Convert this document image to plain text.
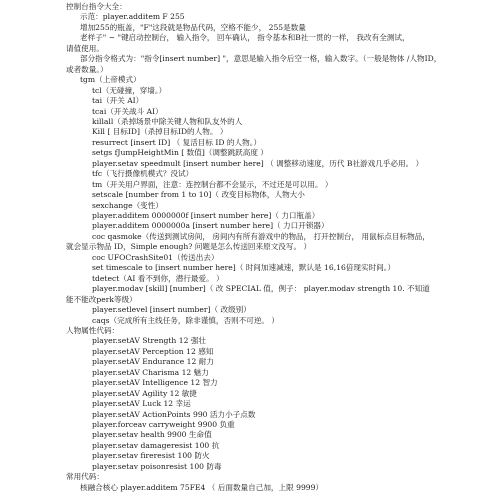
控制台指令大全：
示范：player.additem F 255
增加255的瓶盖，"F"这段就是物品代码，空格不能少， 255是数量
老样子" ~ "键启动控制台， 输入指令， 回车确认， 指令基本和B社一贯的一样， 我改有全测试，
请值使用。
部分指令格式为："指令[insert number] "，意思是输入指令后空一格，输入数字。（一般是物体 /人物ID，
或者数量。）
tgm（上帝模式）
tcl（无碰撞，穿墙。）
tai（开关 AI）
tcai（开关战斗 AI）
killall（杀掉场景中除关键人物和队友外的人
Kill [ 目标ID]（杀掉目标ID的人物。 ）
resurrect [insert ID] （ 复活目标 ID 的人物。）
setgs fJumpHeightMin [ 数值]（调整跳跃高度 ）
player.setav speedmult [insert number here] （ 调整移动速度，历代 B社游戏几乎必用。 ）
tfc（飞行摄像机模式？没试）
tm（开关用户界面，注意：连控制台都不会显示，不过还是可以用。 ）
setscale [number from 1 to 10]（ 改变目标物体，人物大小
sexchange（变性）
player.additem 0000000f [insert number here]（ 力口瓶盖）
player.additem 0000000a [insert number here]（ 力口开锁器）
coc qasmoke（传送到测试房间， 房间内有所有游戏中的物品， 打开控制台， 用鼠标点目标物品，
就会显示物品 ID，Simple enough? 问题是怎么传送回来原文没写。 ）
coc UFOCrashSite01（传送出去）
set timescale to [insert number here]（ 时间加速减速，默认是 16,16倍现实时间。）
tdetect（AI 看不到你，潜行最爱。 ）
player.modav [skill] [number]（ 改 SPECIAL 值，例子： player.modav strength 10. 不知道
能不能改perk等级）
player.setlevel [insert number]（ 改级别）
caqs（完成所有主线任务，除非谨慎，否则不可逆。 ）
人物属性代码：
player.setAV Strength 12 强壮
player.setAV Perception 12 感知
player.setAV Endurance 12 耐力
player.setAV Charisma 12 魅力
player.setAV Intelligence 12 智力
player.setAV Agility 12 敏捷
player.setAV Luck 12 幸运
player.setAV ActionPoints 990 活力小子点数
player.forceav carryweight 9900 负重
player.setav health 9900 生命值
player.setav damageresist 100 抗
player.setav fireresist 100 防火
player.setav poisonresist 100 防毒
常用代码：
核融合核心 player.additem 75FE4 （ 后面数量自己加，上限 9999）
